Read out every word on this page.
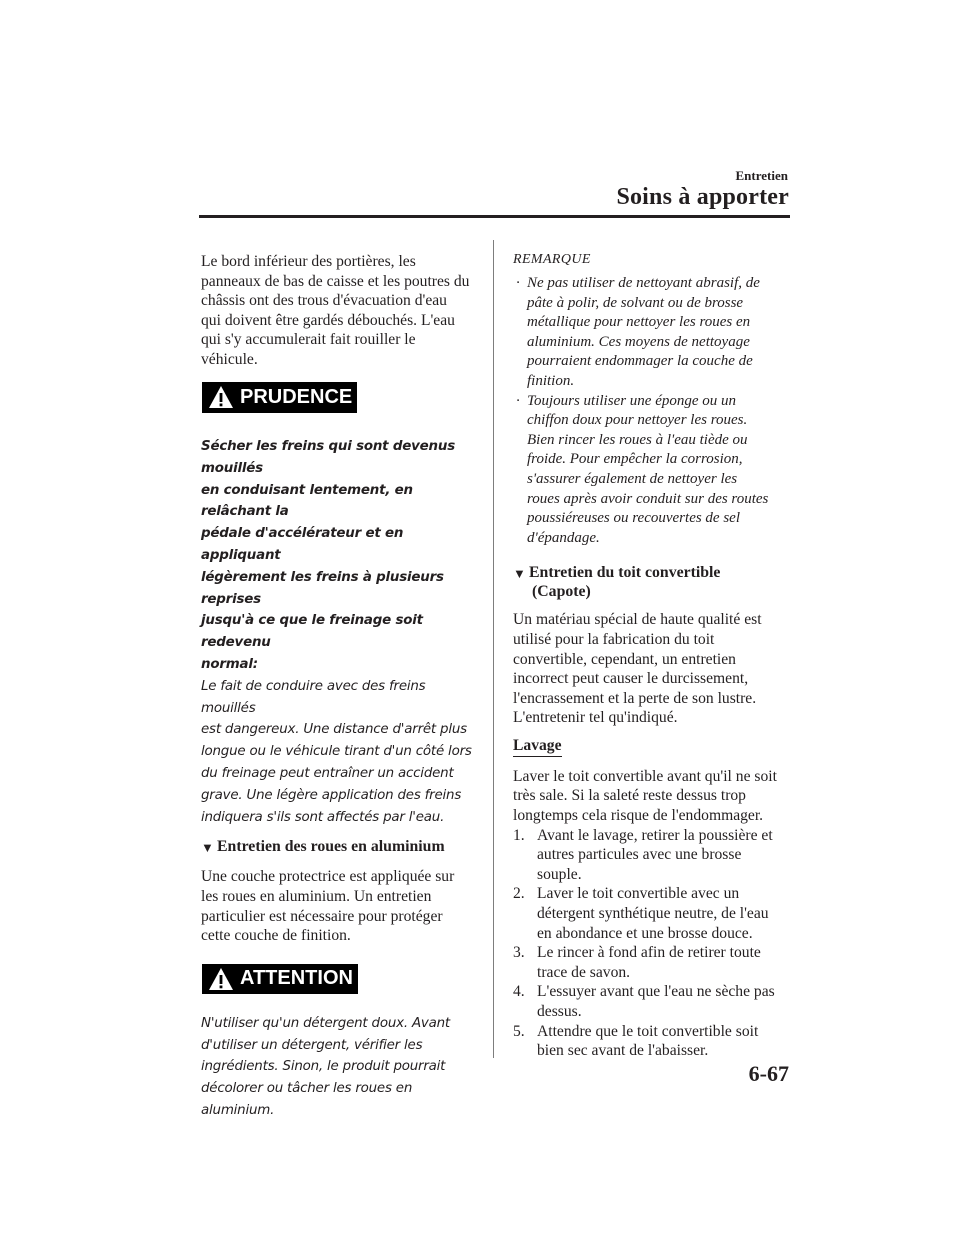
Entretien
Soins à apporter

Le bord inférieur des portières, les
panneaux de bas de caisse et les poutres du
châssis ont des trous d'évacuation d'eau
qui doivent être gardés débouchés. L'eau
qui s'y accumulerait fait rouiller le
véhicule.

PRUDENCE

Sécher les freins qui sont devenus mouillés
en conduisant lentement, en relâchant la
pédale d'accélérateur et en appliquant
légèrement les freins à plusieurs reprises
jusqu'à ce que le freinage soit redevenu
normal:
Le fait de conduire avec des freins mouillés
est dangereux. Une distance d'arrêt plus
longue ou le véhicule tirant d'un côté lors
du freinage peut entraîner un accident
grave. Une légère application des freins
indiquera s'ils sont affectés par l'eau.

▼ Entretien des roues en aluminium

Une couche protectrice est appliquée sur
les roues en aluminium. Un entretien
particulier est nécessaire pour protéger
cette couche de finition.

ATTENTION

N'utiliser qu'un détergent doux. Avant
d'utiliser un détergent, vérifier les
ingrédients. Sinon, le produit pourrait
décolorer ou tâcher les roues en
aluminium.

REMARQUE

· Ne pas utiliser de nettoyant abrasif, de
pâte à polir, de solvant ou de brosse
métallique pour nettoyer les roues en
aluminium. Ces moyens de nettoyage
pourraient endommager la couche de
finition.
· Toujours utiliser une éponge ou un
chiffon doux pour nettoyer les roues.
Bien rincer les roues à l'eau tiède ou
froide. Pour empêcher la corrosion,
s'assurer également de nettoyer les
roues après avoir conduit sur des routes
poussiéreuses ou recouvertes de sel
d'épandage.
▼ Entretien du toit convertible
(Capote)

Un matériau spécial de haute qualité est
utilisé pour la fabrication du toit
convertible, cependant, un entretien
incorrect peut causer le durcissement,
l'encrassement et la perte de son lustre.
L'entretenir tel qu'indiqué.

Lavage

Laver le toit convertible avant qu'il ne soit
très sale. Si la saleté reste dessus trop
longtemps cela risque de l'endommager.

1. Avant le lavage, retirer la poussière et
autres particules avec une brosse
souple.
2. Laver le toit convertible avec un
détergent synthétique neutre, de l'eau
en abondance et une brosse douce.
3. Le rincer à fond afin de retirer toute
trace de savon.
4. L'essuyer avant que l'eau ne sèche pas
dessus.
5. Attendre que le toit convertible soit
bien sec avant de l'abaisser.
6-67
